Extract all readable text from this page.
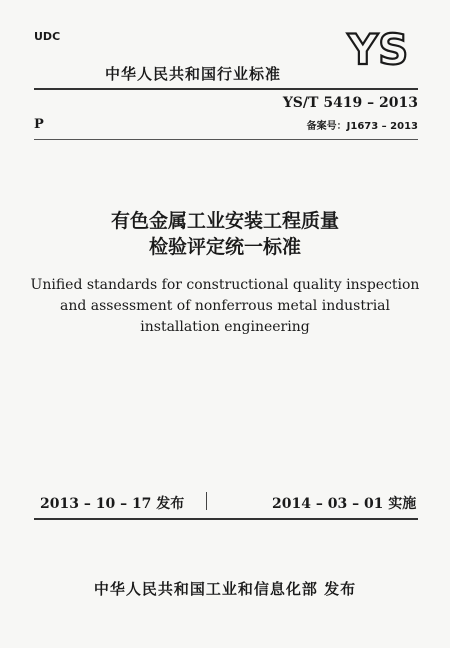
UDC
中华人民共和国行业标准 YS
P
YS/T 5419 – 2013
备案号：J1673 – 2013
有色金属工业安装工程质量
检验评定统一标准
Unified standards for constructional quality inspection
and assessment of nonferrous metal industrial
installation engineering
2013 – 10 – 17 发布	2014 – 03 – 01 实施
中华人民共和国工业和信息化部 发布
